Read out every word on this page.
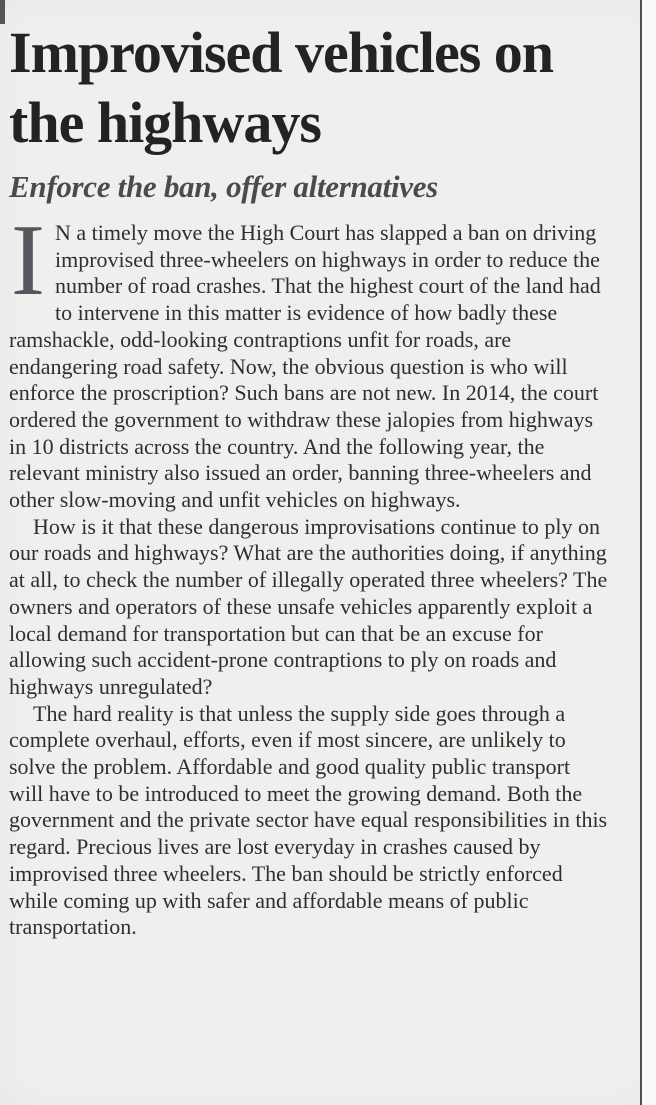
Improvised vehicles on the highways
Enforce the ban, offer alternatives

I N a timely move the High Court has slapped a ban on driving improvised three-wheelers on highways in order to reduce the number of road crashes. That the highest court of the land had to intervene in this matter is evidence of how badly these ramshackle, odd-looking contraptions unfit for roads, are endangering road safety. Now, the obvious question is who will enforce the proscription? Such bans are not new. In 2014, the court ordered the government to withdraw these jalopies from highways in 10 districts across the country. And the following year, the relevant ministry also issued an order, banning three-wheelers and other slow-moving and unfit vehicles on highways.

How is it that these dangerous improvisations continue to ply on our roads and highways? What are the authorities doing, if anything at all, to check the number of illegally operated three wheelers? The owners and operators of these unsafe vehicles apparently exploit a local demand for transportation but can that be an excuse for allowing such accident-prone contraptions to ply on roads and highways unregulated?

The hard reality is that unless the supply side goes through a complete overhaul, efforts, even if most sincere, are unlikely to solve the problem. Affordable and good quality public transport will have to be introduced to meet the growing demand. Both the government and the private sector have equal responsibilities in this regard. Precious lives are lost everyday in crashes caused by improvised three wheelers. The ban should be strictly enforced while coming up with safer and affordable means of public transportation.
